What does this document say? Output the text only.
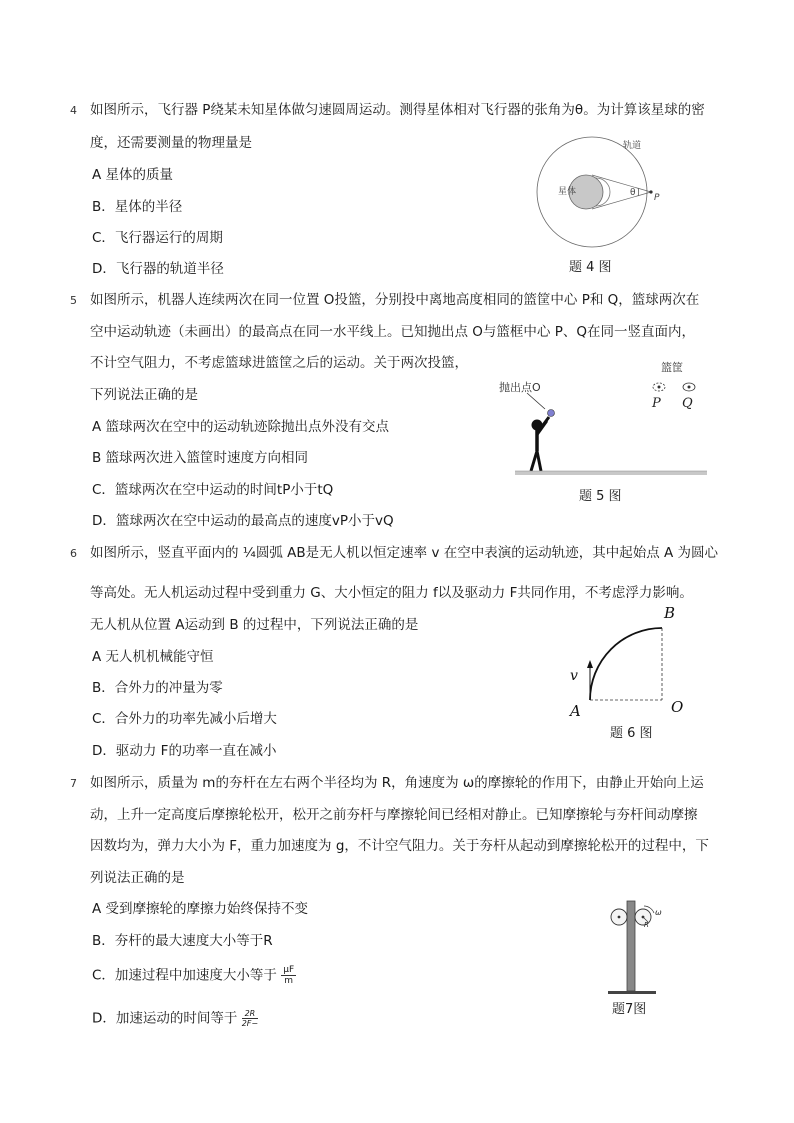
4 如图所示，飞行器 P绕某未知星体做匀速圆周运动。测得星体相对飞行器的张角为θ。为计算该星球的密
度，还需要测量的物理量是
A 星体的质量
B．星体的半径
C．飞行器运行的周期
D．飞行器的轨道半径
星体
轨道
θ P
题 4 图
5 如图所示，机器人连续两次在同一位置 O投篮，分别投中离地高度相同的篮筐中心 P和 Q，篮球两次在
空中运动轨迹（未画出）的最高点在同一水平线上。已知抛出点 O与篮框中心 P、Q在同一竖直面内，
不计空气阻力，不考虑篮球进篮筐之后的运动。关于两次投篮，
下列说法正确的是
A 篮球两次在空中的运动轨迹除抛出点外没有交点
B 篮球两次进入篮筐时速度方向相同
C．篮球两次在空中运动的时间tP小于tQ
D．篮球两次在空中运动的最高点的速度vP小于vQ
篮筐
抛出点O
P Q
题 5 图
6 如图所示，竖直平面内的 ¼圆弧 AB是无人机以恒定速率 v 在空中表演的运动轨迹，其中起始点 A 为圆心
等高处。无人机运动过程中受到重力 G、大小恒定的阻力 f以及驱动力 F共同作用，不考虑浮力影响。
无人机从位置 A运动到 B 的过程中，下列说法正确的是
A 无人机机械能守恒
B．合外力的冲量为零
C．合外力的功率先减小后增大
D．驱动力 F的功率一直在减小
v
A
B
O
题 6 图
7 如图所示，质量为 m的夯杆在左右两个半径均为 R，角速度为 ω的摩擦轮的作用下，由静止开始向上运
动，上升一定高度后摩擦轮松开，松开之前夯杆与摩擦轮间已经相对静止。已知摩擦轮与夯杆间动摩擦
因数均为，弹力大小为 F，重力加速度为 g，不计空气阻力。关于夯杆从起动到摩擦轮松开的过程中，下
列说法正确的是
A 受到摩擦轮的摩擦力始终保持不变
B．夯杆的最大速度大小等于R
C．加速过程中加速度大小等于 $\frac{\mu F}{m}$
D．加速运动的时间等于 $\frac{2R}{2F-}$
ω
R
题7图
